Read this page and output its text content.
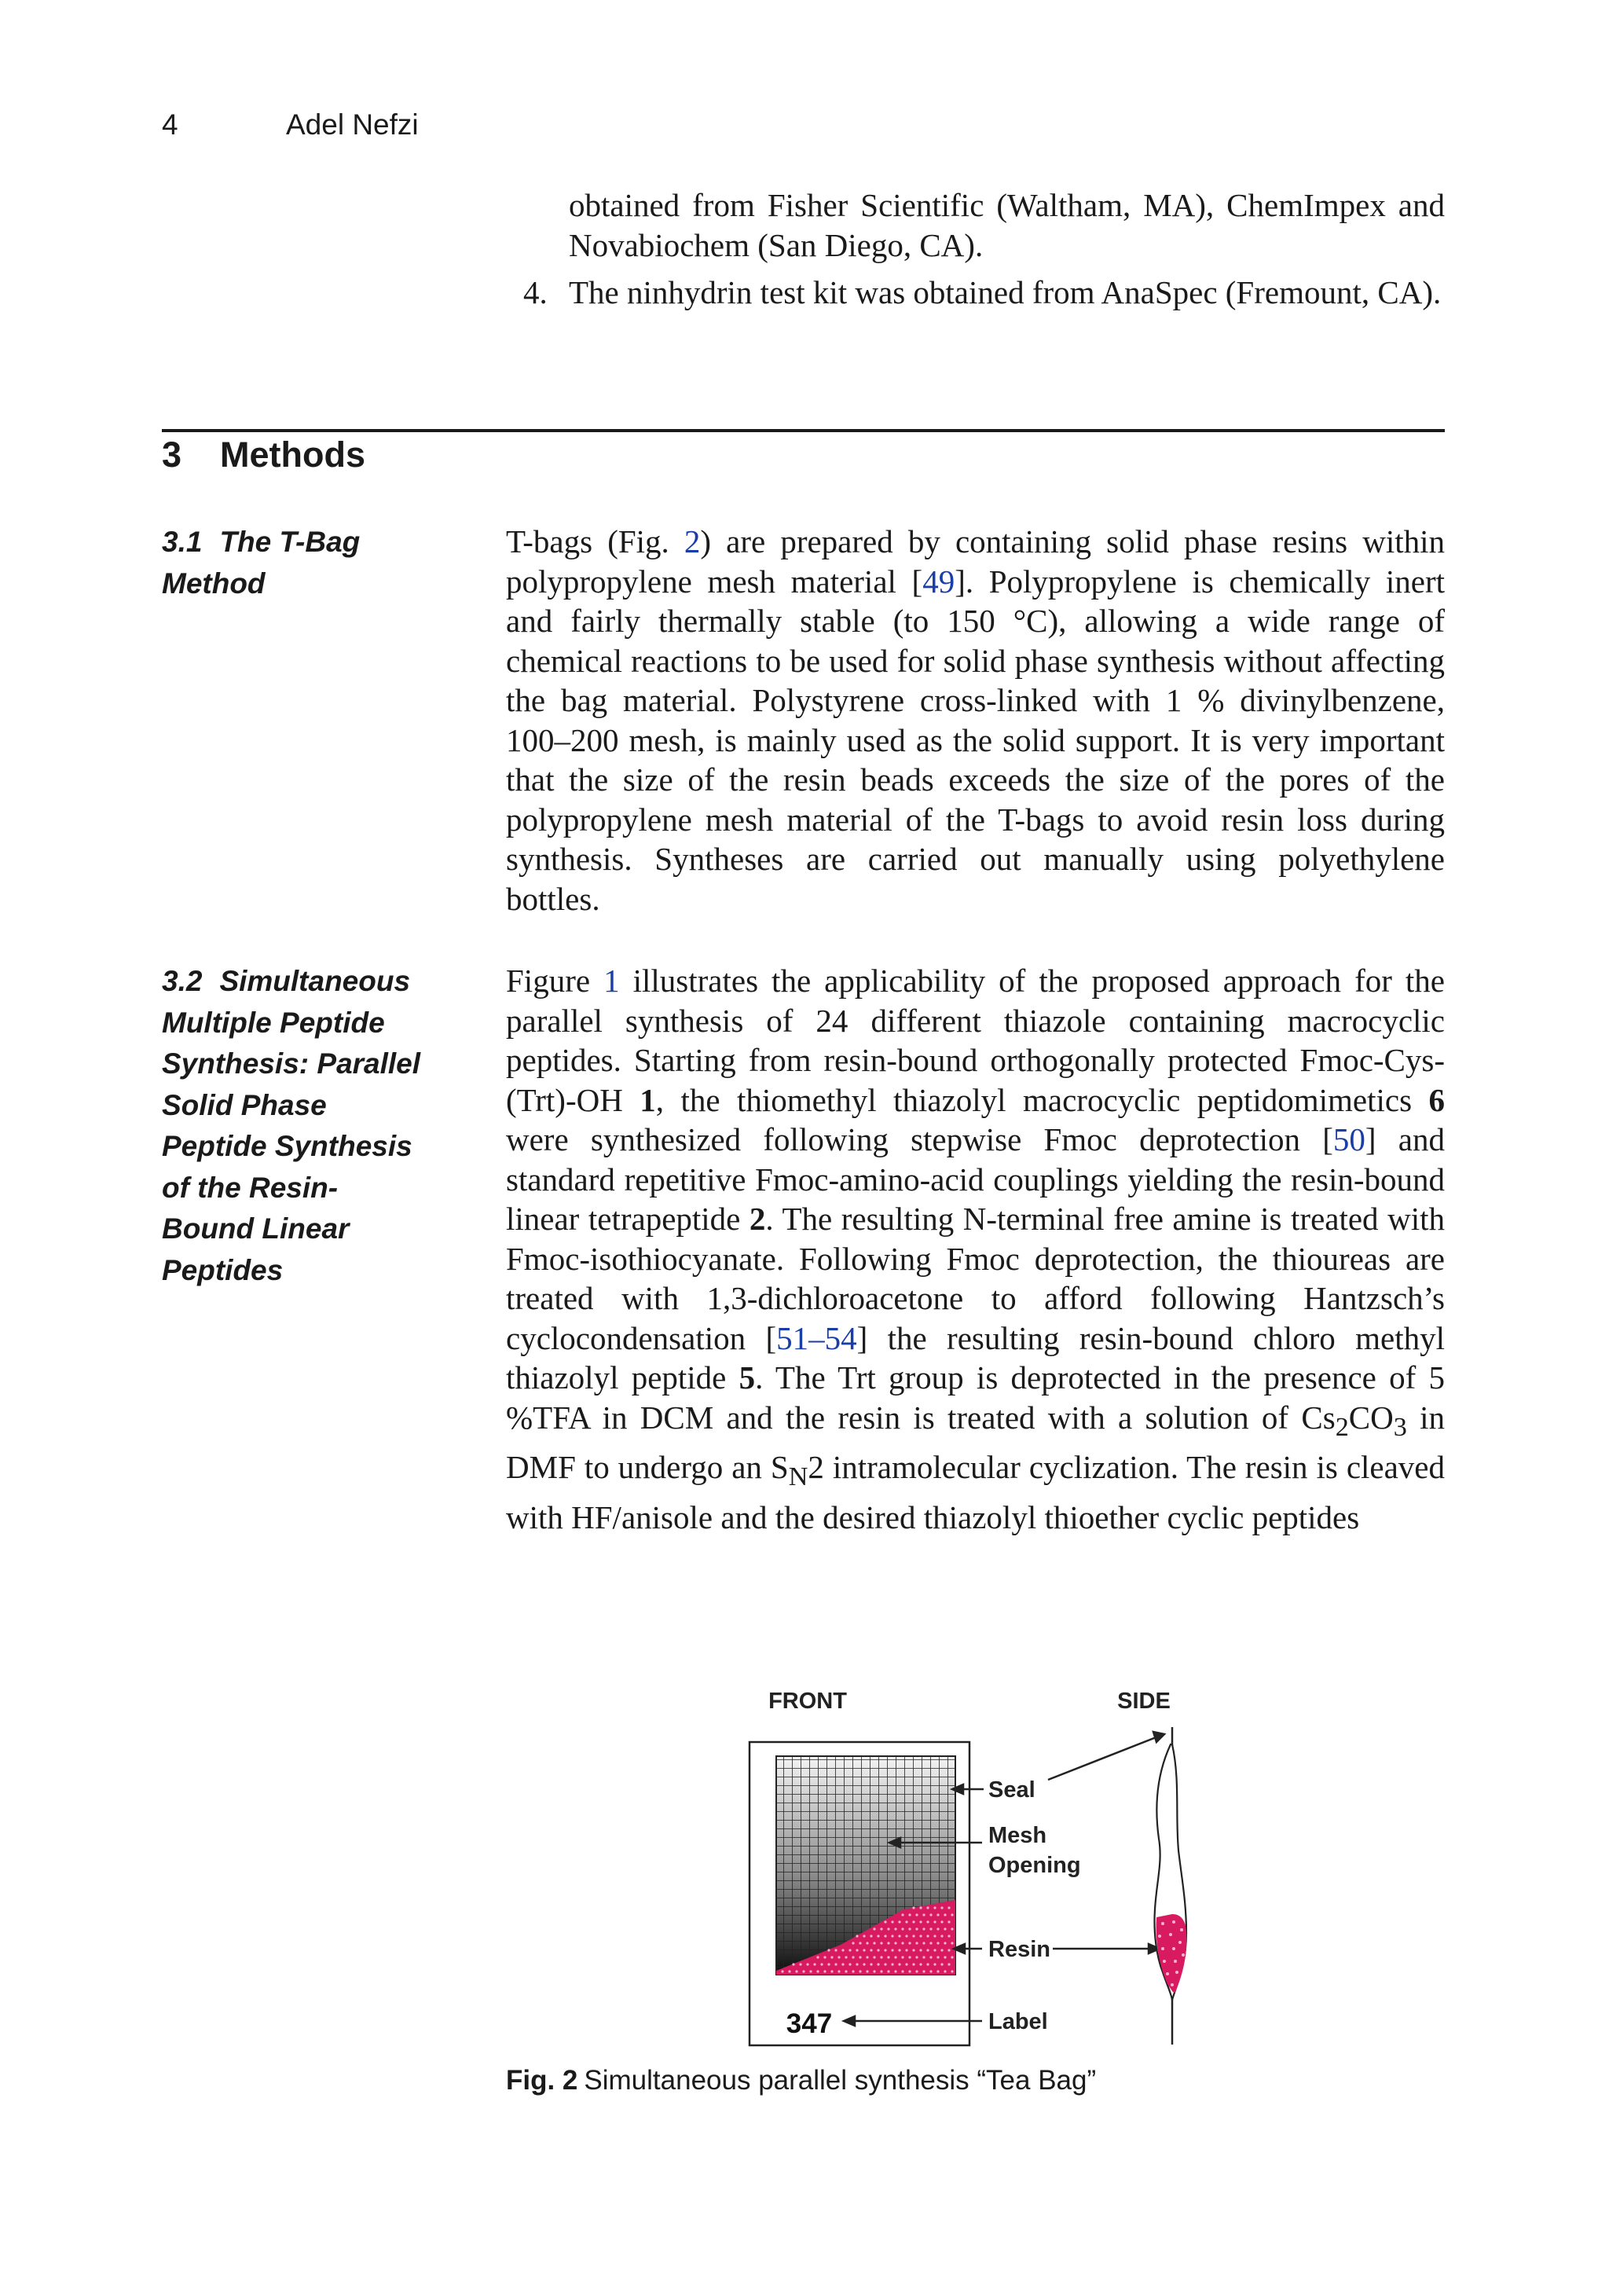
4	Adel Nefzi

obtained from Fisher Scientific (Waltham, MA), ChemImpex and Novabiochem (San Diego, CA).

4. The ninhydrin test kit was obtained from AnaSpec (Fremount, CA).
3 Methods
3.1 The T-Bag Method

T-bags (Fig. 2) are prepared by containing solid phase resins within polypropylene mesh material [49]. Polypropylene is chemically inert and fairly thermally stable (to 150 °C), allowing a wide range of chemical reactions to be used for solid phase synthesis without affecting the bag material. Polystyrene cross-linked with 1 % divinylbenzene, 100–200 mesh, is mainly used as the solid support. It is very important that the size of the resin beads exceeds the size of the pores of the polypropylene mesh material of the T-bags to avoid resin loss during synthesis. Syntheses are carried out manually using polyethylene bottles.

3.2 Simultaneous Multiple Peptide Synthesis: Parallel Solid Phase Peptide Synthesis of the Resin-Bound Linear Peptides

Figure 1 illustrates the applicability of the proposed approach for the parallel synthesis of 24 different thiazole containing macrocyclic peptides. Starting from resin-bound orthogonally protected Fmoc-Cys-(Trt)-OH 1, the thiomethyl thiazolyl macrocyclic peptidomimetics 6 were synthesized following stepwise Fmoc deprotection [50] and standard repetitive Fmoc-amino-acid couplings yielding the resin-bound linear tetrapeptide 2. The resulting N-terminal free amine is treated with Fmoc-isothiocyanate. Following Fmoc deprotection, the thioureas are treated with 1,3-dichloroacetone to afford following Hantzsch’s cyclocondensation [51–54] the resulting resin-bound chloro methyl thiazolyl peptide 5. The Trt group is deprotected in the presence of 5 %TFA in DCM and the resin is treated with a solution of $Cs_2CO_3$ in DMF to undergo an $S_N2$ intramolecular cyclization. The resin is cleaved with HF/anisole and the desired thiazolyl thioether cyclic peptides

FRONT	SIDE
347
Seal
Mesh
Opening
Resin
Label
Fig. 2 Simultaneous parallel synthesis “Tea Bag”
